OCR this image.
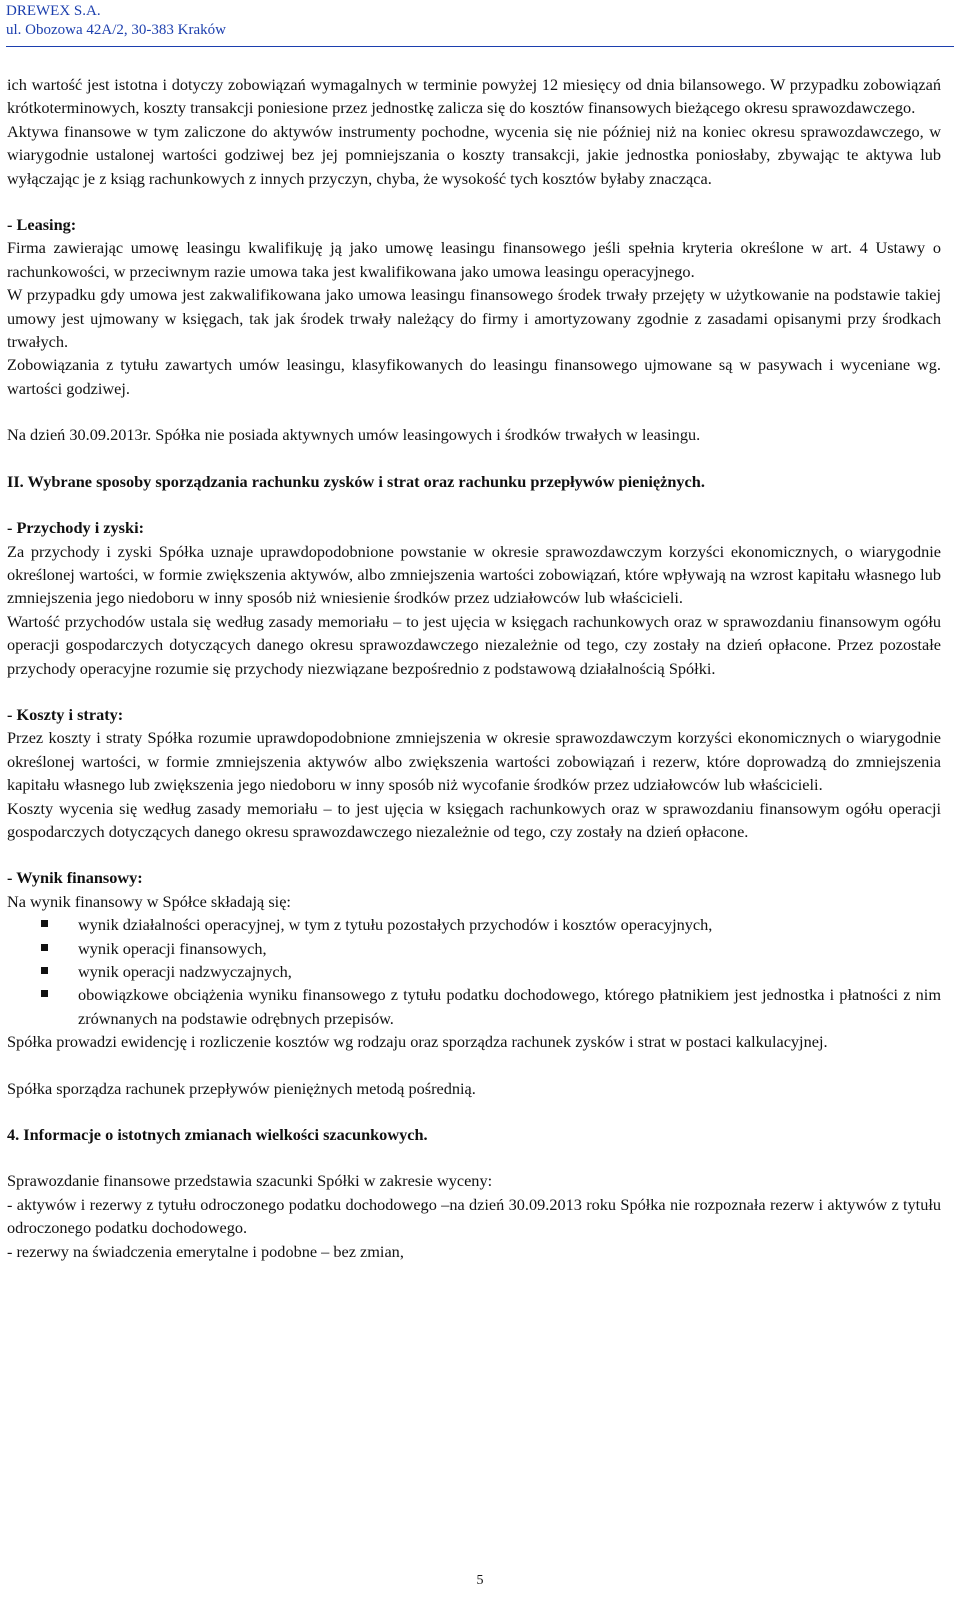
DREWEX S.A.
ul. Obozowa 42A/2, 30-383 Kraków

ich wartość jest istotna i dotyczy zobowiązań wymagalnych w terminie powyżej 12 miesięcy od dnia bilansowego. W przypadku zobowiązań krótkoterminowych, koszty transakcji poniesione przez jednostkę zalicza się do kosztów finansowych bieżącego okresu sprawozdawczego.

Aktywa finansowe w tym zaliczone do aktywów instrumenty pochodne, wycenia się nie później niż na koniec okresu sprawozdawczego, w wiarygodnie ustalonej wartości godziwej bez jej pomniejszania o koszty transakcji, jakie jednostka poniosłaby, zbywając te aktywa lub wyłączając je z ksiąg rachunkowych z innych przyczyn, chyba, że wysokość tych kosztów byłaby znacząca.

- Leasing:

Firma zawierając umowę leasingu kwalifikuję ją jako umowę leasingu finansowego jeśli spełnia kryteria określone w art. 4 Ustawy o rachunkowości, w przeciwnym razie umowa taka jest kwalifikowana jako umowa leasingu operacyjnego.

W przypadku gdy umowa jest zakwalifikowana jako umowa leasingu finansowego środek trwały przejęty w użytkowanie na podstawie takiej umowy jest ujmowany w księgach, tak jak środek trwały należący do firmy i amortyzowany zgodnie z zasadami opisanymi przy środkach trwałych.

Zobowiązania z tytułu zawartych umów leasingu, klasyfikowanych do leasingu finansowego ujmowane są w pasywach i wyceniane wg. wartości godziwej.

Na dzień 30.09.2013r. Spółka nie posiada aktywnych umów leasingowych i środków trwałych w leasingu.

II. Wybrane sposoby sporządzania rachunku zysków i strat oraz rachunku przepływów pieniężnych.
- Przychody i zyski:

Za przychody i zyski Spółka uznaje uprawdopodobnione powstanie w okresie sprawozdawczym korzyści ekonomicznych, o wiarygodnie określonej wartości, w formie zwiększenia aktywów, albo zmniejszenia wartości zobowiązań, które wpływają na wzrost kapitału własnego lub zmniejszenia jego niedoboru w inny sposób niż wniesienie środków przez udziałowców lub właścicieli.

Wartość przychodów ustala się według zasady memoriału – to jest ujęcia w księgach rachunkowych oraz w sprawozdaniu finansowym ogółu operacji gospodarczych dotyczących danego okresu sprawozdawczego niezależnie od tego, czy zostały na dzień opłacone. Przez pozostałe przychody operacyjne rozumie się przychody niezwiązane bezpośrednio z podstawową działalnością Spółki.

- Koszty i straty:

Przez koszty i straty Spółka rozumie uprawdopodobnione zmniejszenia w okresie sprawozdawczym korzyści ekonomicznych o wiarygodnie określonej wartości, w formie zmniejszenia aktywów albo zwiększenia wartości zobowiązań i rezerw, które doprowadzą do zmniejszenia kapitału własnego lub zwiększenia jego niedoboru w inny sposób niż wycofanie środków przez udziałowców lub właścicieli.

Koszty wycenia się według zasady memoriału – to jest ujęcia w księgach rachunkowych oraz w sprawozdaniu finansowym ogółu operacji gospodarczych dotyczących danego okresu sprawozdawczego niezależnie od tego, czy zostały na dzień opłacone.

- Wynik finansowy:

Na wynik finansowy w Spółce składają się:

wynik działalności operacyjnej, w tym z tytułu pozostałych przychodów i kosztów operacyjnych,
wynik operacji finansowych,
wynik operacji nadzwyczajnych,
obowiązkowe obciążenia wyniku finansowego z tytułu podatku dochodowego, którego płatnikiem jest jednostka i płatności z nim zrównanych na podstawie odrębnych przepisów.

Spółka prowadzi ewidencję i rozliczenie kosztów wg rodzaju oraz sporządza rachunek zysków i strat w postaci kalkulacyjnej.

Spółka sporządza rachunek przepływów pieniężnych metodą pośrednią.

4. Informacje o istotnych zmianach wielkości szacunkowych.

Sprawozdanie finansowe przedstawia szacunki Spółki w zakresie wyceny:

- aktywów i rezerwy z tytułu odroczonego podatku dochodowego –na dzień 30.09.2013 roku Spółka nie rozpoznała rezerw i aktywów z tytułu odroczonego podatku dochodowego.

- rezerwy na świadczenia emerytalne i podobne – bez zmian,

5
